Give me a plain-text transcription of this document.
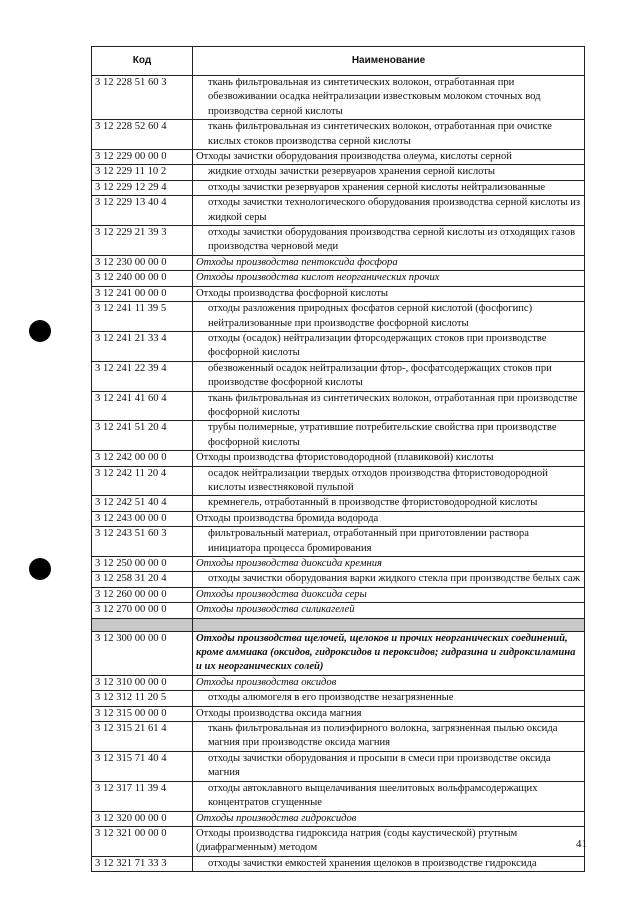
Код	Наименование
3 12 228 51 60 3	ткань фильтровальная из синтетических волокон, отработанная при обезвоживании осадка нейтрализации известковым молоком сточных вод производства серной кислоты

3 12 228 52 60 4	ткань фильтровальная из синтетических волокон, отработанная при очистке кислых стоков производства серной кислоты

3 12 229 00 00 0	Отходы зачистки оборудования производства олеума, кислоты серной

3 12 229 11 10 2	жидкие отходы зачистки резервуаров хранения серной кислоты

3 12 229 12 29 4	отходы зачистки резервуаров хранения серной кислоты нейтрализованные

3 12 229 13 40 4	отходы зачистки технологического оборудования производства серной кислоты из жидкой серы

3 12 229 21 39 3	отходы зачистки оборудования производства серной кислоты из отходящих газов производства черновой меди

3 12 230 00 00 0	Отходы производства пентоксида фосфора
3 12 240 00 00 0	Отходы производства кислот неорганических прочих
3 12 241 00 00 0	Отходы производства фосфорной кислоты

3 12 241 11 39 5	отходы разложения природных фосфатов серной кислотой (фосфогипс) нейтрализованные при производстве фосфорной кислоты

3 12 241 21 33 4	отходы (осадок) нейтрализации фторсодержащих стоков при производстве фосфорной кислоты

3 12 241 22 39 4	обезвоженный осадок нейтрализации фтор-, фосфатсодержащих стоков при производстве фосфорной кислоты

3 12 241 41 60 4	ткань фильтровальная из синтетических волокон, отработанная при производстве фосфорной кислоты

3 12 241 51 20 4	трубы полимерные, утратившие потребительские свойства при производстве фосфорной кислоты

3 12 242 00 00 0	Отходы производства фтористоводородной (плавиковой) кислоты

3 12 242 11 20 4	осадок нейтрализации твердых отходов производства фтористоводородной кислоты известняковой пульпой

3 12 242 51 40 4	кремнегель, отработанный в производстве фтористоводородной кислоты

3 12 243 00 00 0	Отходы производства бромида водорода

3 12 243 51 60 3	фильтровальный материал, отработанный при приготовлении раствора инициатора процесса бромирования

3 12 250 00 00 0	Отходы производства диоксида кремния
3 12 258 31 20 4	отходы зачистки оборудования варки жидкого стекла при производстве белых саж

3 12 260 00 00 0	Отходы производства диоксида серы
3 12 270 00 00 0	Отходы производства силикагелей

3 12 300 00 00 0	Отходы производства щелочей, щелоков и прочих неорганических соединений, кроме аммиака (оксидов, гидроксидов и пероксидов; гидразина и гидроксиламина и их неорганических солей)
3 12 310 00 00 0	Отходы производства оксидов
3 12 312 11 20 5	отходы алюмогеля в его производстве незагрязненные

3 12 315 00 00 0	Отходы производства оксида магния

3 12 315 21 61 4	ткань фильтровальная из полиэфирного волокна, загрязненная пылью оксида магния при производстве оксида магния

3 12 315 71 40 4	отходы зачистки оборудования и просыпи в смеси при производстве оксида магния

3 12 317 11 39 4	отходы автоклавного выщелачивания шеелитовых вольфрамсодержащих концентратов сгущенные

3 12 320 00 00 0	Отходы производства гидроксидов
3 12 321 00 00 0	Отходы производства гидроксида натрия (соды каустической) ртутным (диафрагменным) методом

3 12 321 71 33 3	отходы зачистки емкостей хранения щелоков в производстве гидроксида
41
